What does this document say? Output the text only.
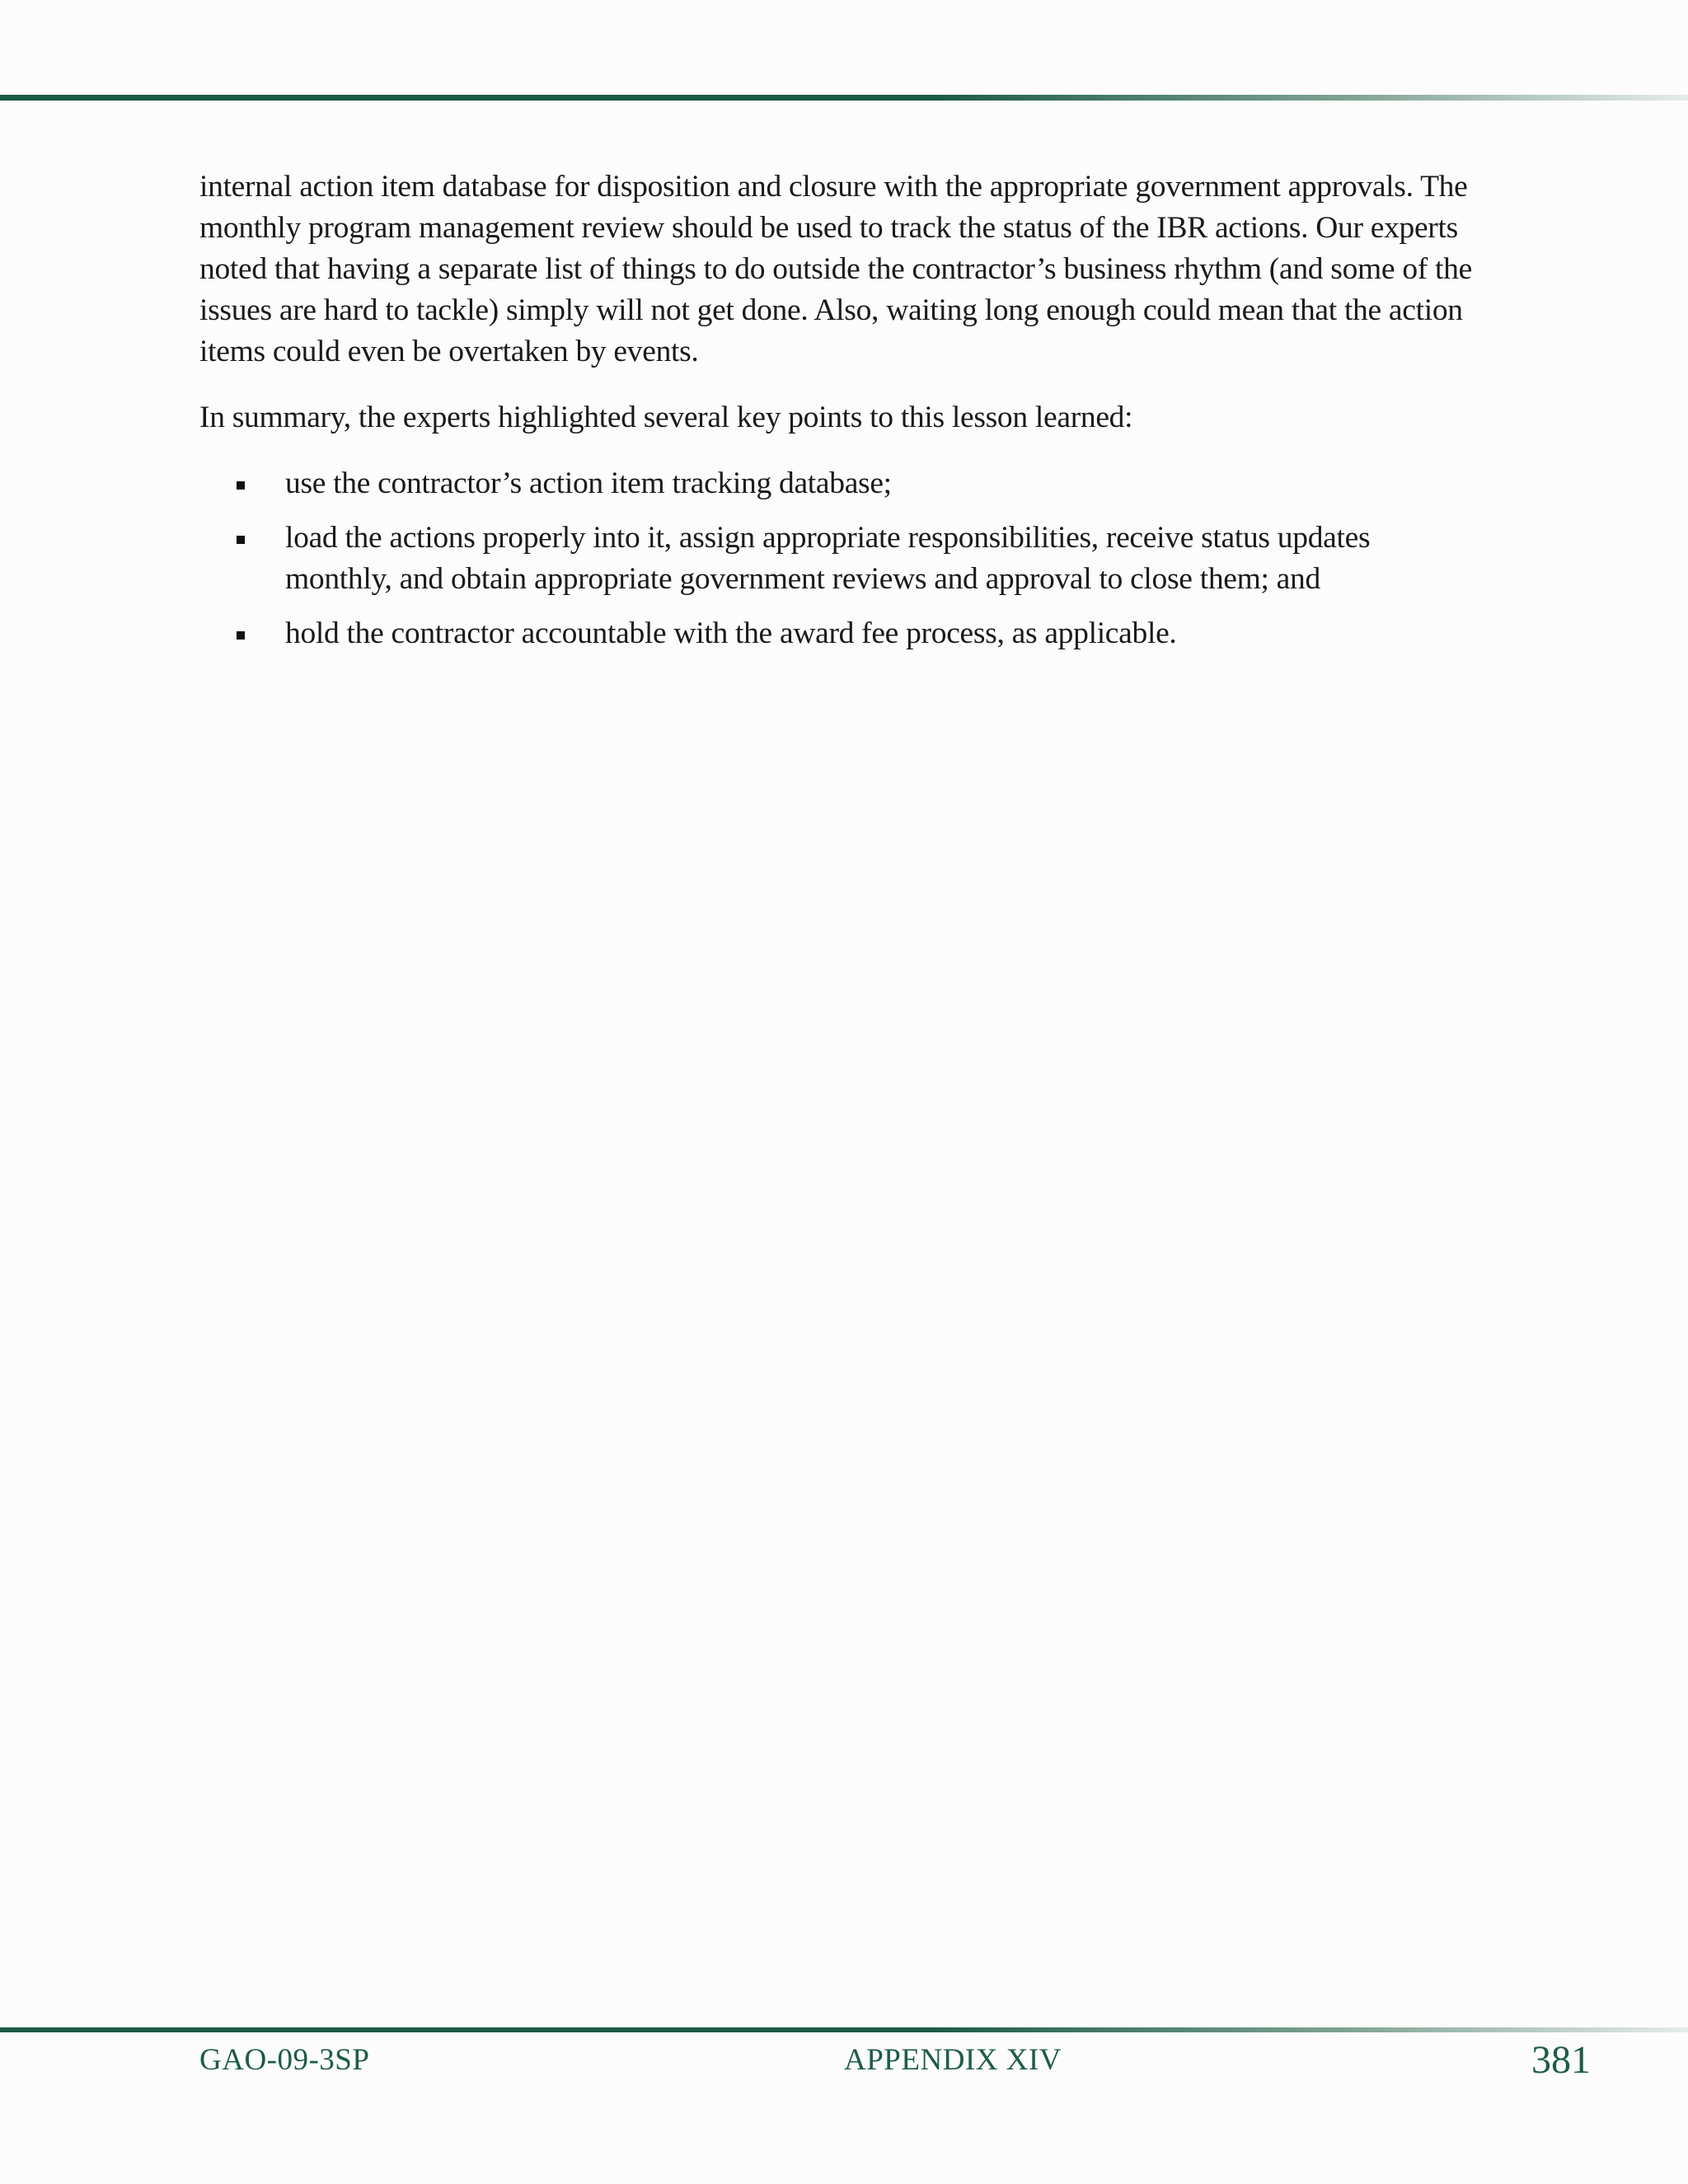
internal action item database for disposition and closure with the appropriate government approvals. The monthly program management review should be used to track the status of the IBR actions. Our experts noted that having a separate list of things to do outside the contractor’s business rhythm (and some of the issues are hard to tackle) simply will not get done. Also, waiting long enough could mean that the action items could even be overtaken by events.

In summary, the experts highlighted several key points to this lesson learned:

use the contractor’s action item tracking database;
load the actions properly into it, assign appropriate responsibilities, receive status updates monthly, and obtain appropriate government reviews and approval to close them; and
hold the contractor accountable with the award fee process, as applicable.
GAO-09-3SP	APPENDIX XIV	381
